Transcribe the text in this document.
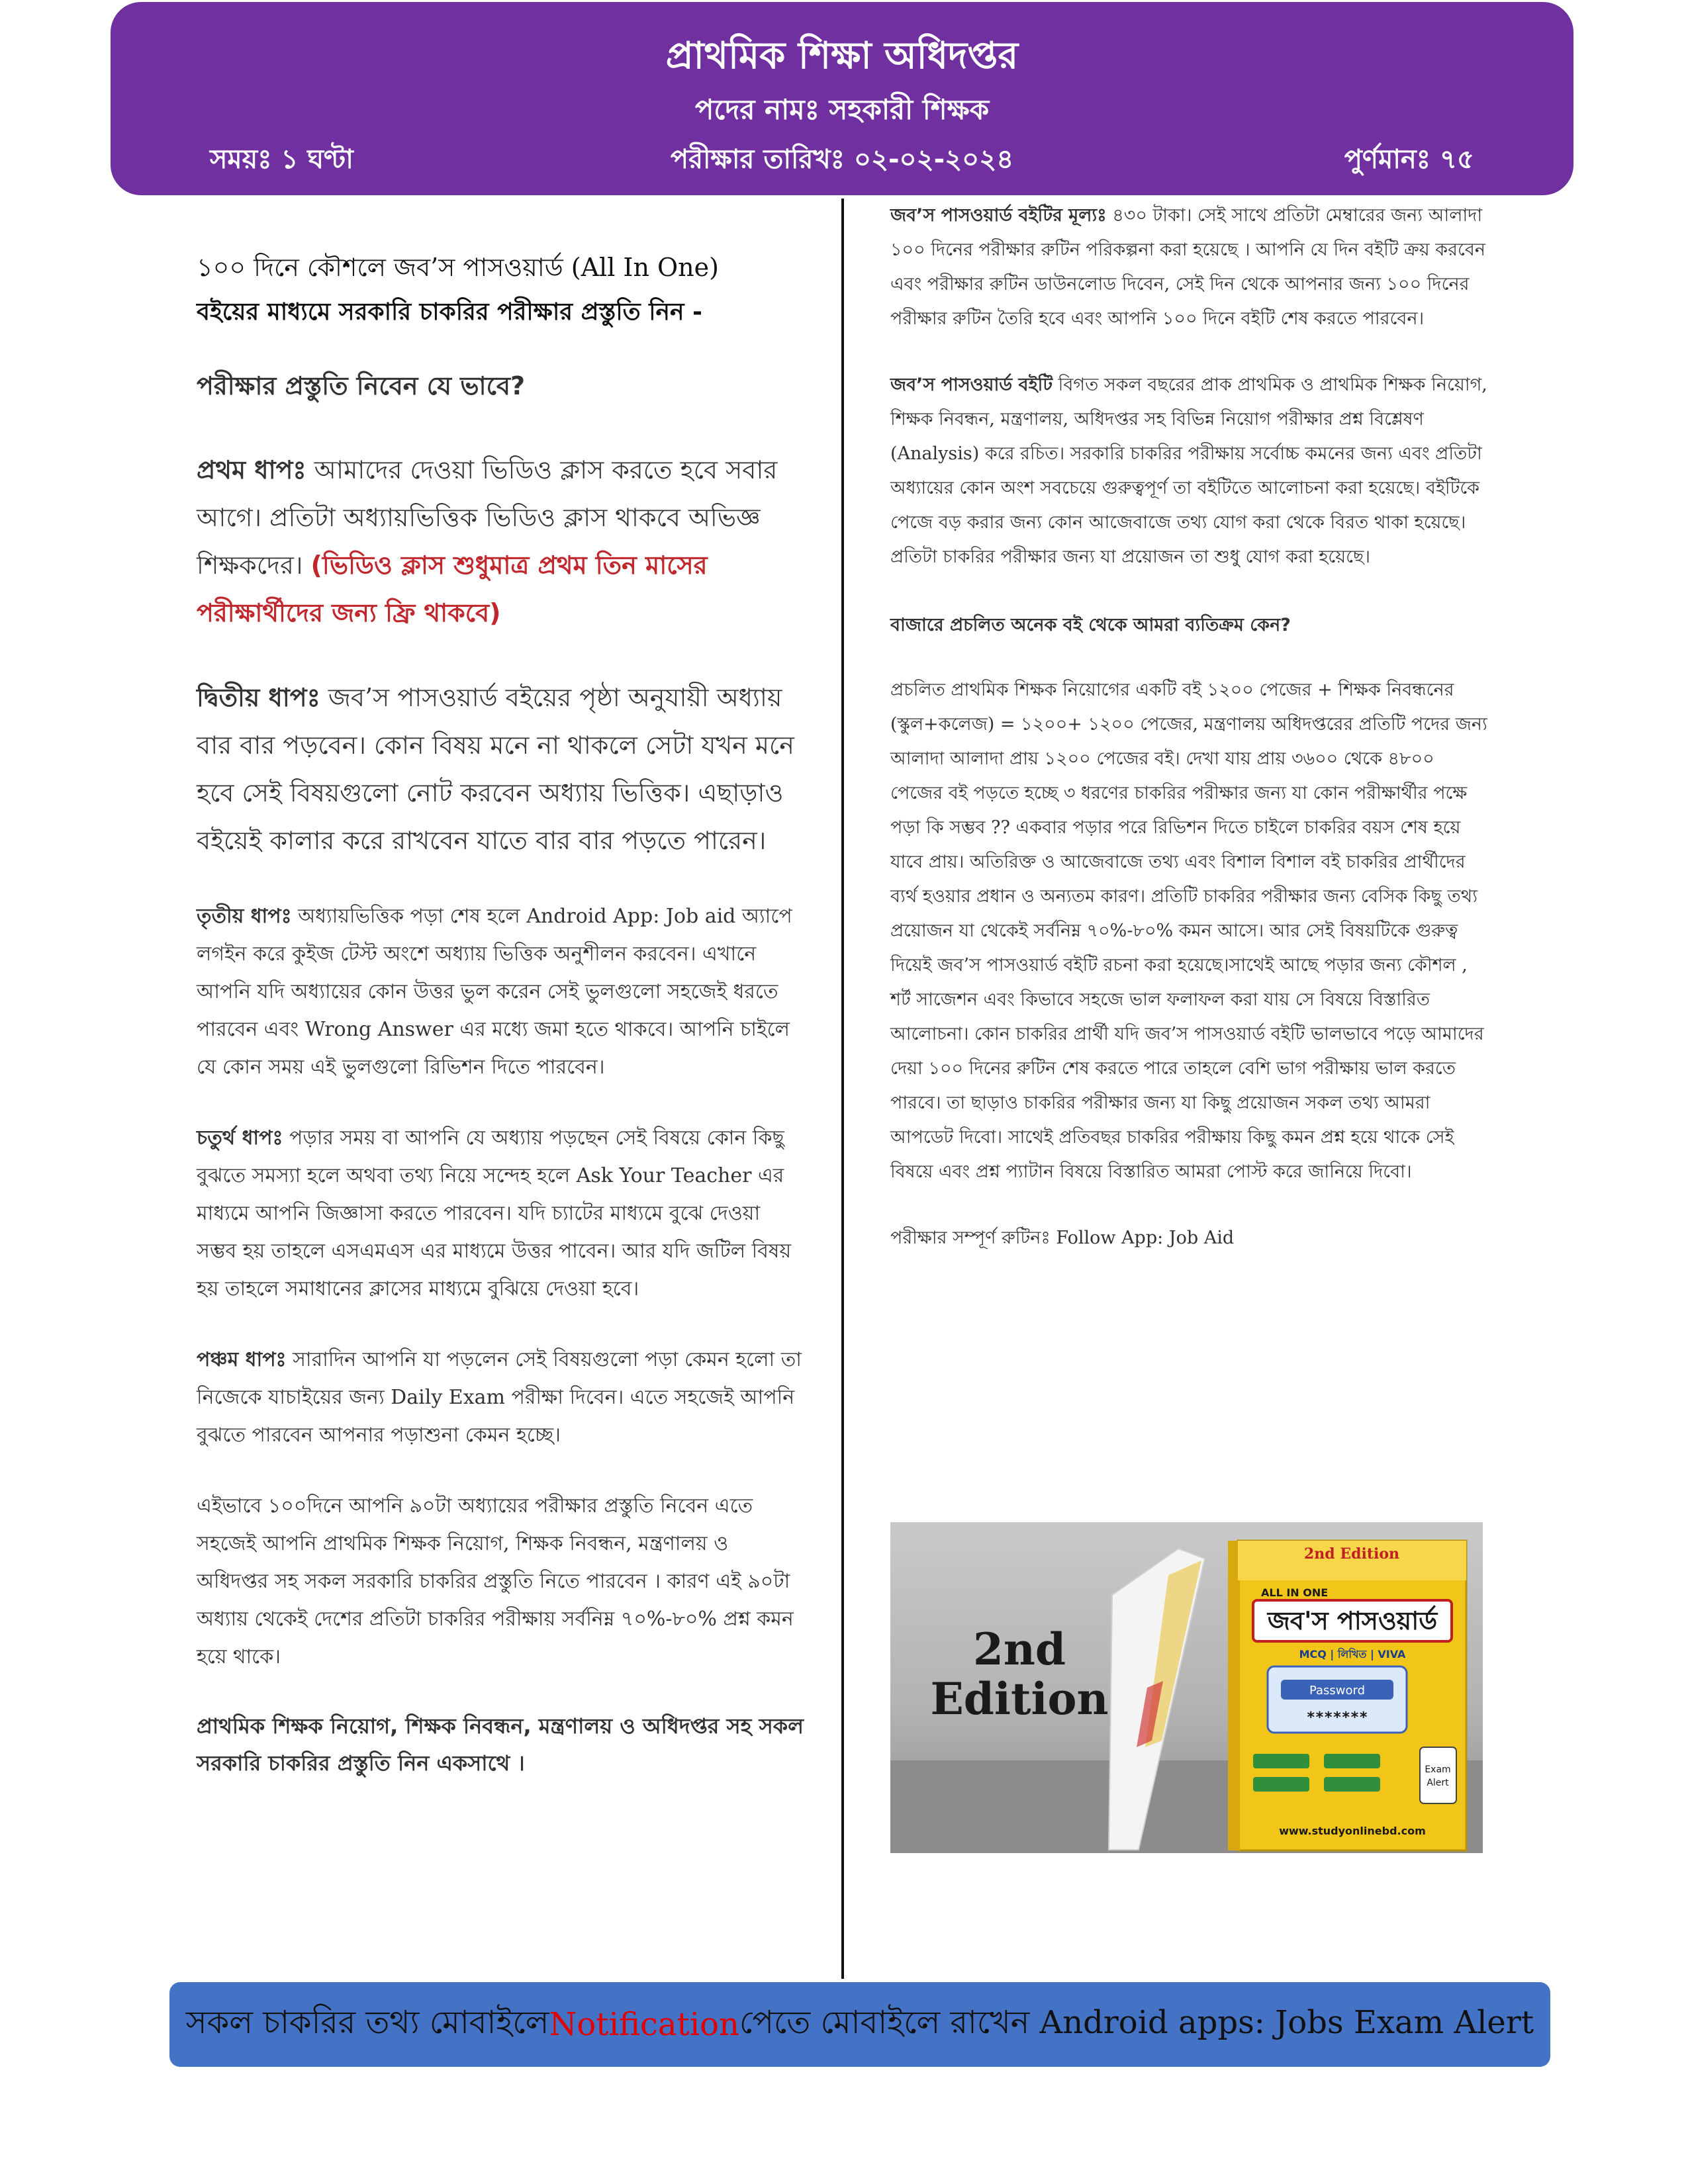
প্রাথমিক শিক্ষা অধিদপ্তর
পদের নামঃ সহকারী শিক্ষক
সময়ঃ ১ ঘণ্টা	পরীক্ষার তারিখঃ ০২-০২-২০২৪	পুর্ণমানঃ ৭৫
১০০ দিনে কৌশলে জব’স পাসওয়ার্ড (All In One)
বইয়ের মাধ্যমে সরকারি চাকরির পরীক্ষার প্রস্তুতি নিন -
পরীক্ষার প্রস্তুতি নিবেন যে ভাবে?

প্রথম ধাপঃ আমাদের দেওয়া ভিডিও ক্লাস করতে হবে সবার আগে। প্রতিটা অধ্যায়ভিত্তিক ভিডিও ক্লাস থাকবে অভিজ্ঞ শিক্ষকদের। (ভিডিও ক্লাস শুধুমাত্র প্রথম তিন মাসের পরীক্ষার্থীদের জন্য ফ্রি থাকবে)

দ্বিতীয় ধাপঃ জব’স পাসওয়ার্ড বইয়ের পৃষ্ঠা অনুযায়ী অধ্যায় বার বার পড়বেন। কোন বিষয় মনে না থাকলে সেটা যখন মনে হবে সেই বিষয়গুলো নোট করবেন অধ্যায় ভিত্তিক। এছাড়াও বইয়েই কালার করে রাখবেন যাতে বার বার পড়তে পারেন।

তৃতীয় ধাপঃ অধ্যায়ভিত্তিক পড়া শেষ হলে Android App: Job aid অ্যাপে লগইন করে কুইজ টেস্ট অংশে অধ্যায় ভিত্তিক অনুশীলন করবেন। এখানে আপনি যদি অধ্যায়ের কোন উত্তর ভুল করেন সেই ভুলগুলো সহজেই ধরতে পারবেন এবং Wrong Answer এর মধ্যে জমা হতে থাকবে। আপনি চাইলে যে কোন সময় এই ভুলগুলো রিভিশন দিতে পারবেন।

চতুর্থ ধাপঃ পড়ার সময় বা আপনি যে অধ্যায় পড়ছেন সেই বিষয়ে কোন কিছু বুঝতে সমস্যা হলে অথবা তথ্য নিয়ে সন্দেহ হলে Ask Your Teacher এর মাধ্যমে আপনি জিজ্ঞাসা করতে পারবেন। যদি চ্যাটের মাধ্যমে বুঝে দেওয়া সম্ভব হয় তাহলে এসএমএস এর মাধ্যমে উত্তর পাবেন। আর যদি জটিল বিষয় হয় তাহলে সমাধানের ক্লাসের মাধ্যমে বুঝিয়ে দেওয়া হবে।

পঞ্চম ধাপঃ সারাদিন আপনি যা পড়লেন সেই বিষয়গুলো পড়া কেমন হলো তা নিজেকে যাচাইয়ের জন্য Daily Exam পরীক্ষা দিবেন। এতে সহজেই আপনি বুঝতে পারবেন আপনার পড়াশুনা কেমন হচ্ছে।

এইভাবে ১০০দিনে আপনি ৯০টা অধ্যায়ের পরীক্ষার প্রস্তুতি নিবেন এতে সহজেই আপনি প্রাথমিক শিক্ষক নিয়োগ, শিক্ষক নিবন্ধন, মন্ত্রণালয় ও অধিদপ্তর সহ সকল সরকারি চাকরির প্রস্তুতি নিতে পারবেন । কারণ এই ৯০টা অধ্যায় থেকেই দেশের প্রতিটা চাকরির পরীক্ষায় সর্বনিম্ন ৭০%-৮০% প্রশ্ন কমন হয়ে থাকে।

প্রাথমিক শিক্ষক নিয়োগ, শিক্ষক নিবন্ধন, মন্ত্রণালয় ও অধিদপ্তর সহ সকল সরকারি চাকরির প্রস্তুতি নিন একসাথে ।

জব’স পাসওয়ার্ড বইটির মূল্যঃ ৪৩০ টাকা। সেই সাথে প্রতিটা মেম্বারের জন্য আলাদা ১০০ দিনের পরীক্ষার রুটিন পরিকল্পনা করা হয়েছে । আপনি যে দিন বইটি ক্রয় করবেন এবং পরীক্ষার রুটিন ডাউনলোড দিবেন, সেই দিন থেকে আপনার জন্য ১০০ দিনের পরীক্ষার রুটিন তৈরি হবে এবং আপনি ১০০ দিনে বইটি শেষ করতে পারবেন।

জব’স পাসওয়ার্ড বইটি বিগত সকল বছরের প্রাক প্রাথমিক ও প্রাথমিক শিক্ষক নিয়োগ, শিক্ষক নিবন্ধন, মন্ত্রণালয়, অধিদপ্তর সহ বিভিন্ন নিয়োগ পরীক্ষার প্রশ্ন বিশ্লেষণ (Analysis) করে রচিত। সরকারি চাকরির পরীক্ষায় সর্বোচ্চ কমনের জন্য এবং প্রতিটা অধ্যায়ের কোন অংশ সবচেয়ে গুরুত্বপূর্ণ তা বইটিতে আলোচনা করা হয়েছে। বইটিকে পেজে বড় করার জন্য কোন আজেবাজে তথ্য যোগ করা থেকে বিরত থাকা হয়েছে। প্রতিটা চাকরির পরীক্ষার জন্য যা প্রয়োজন তা শুধু যোগ করা হয়েছে।

বাজারে প্রচলিত অনেক বই থেকে আমরা ব্যতিক্রম কেন?

প্রচলিত প্রাথমিক শিক্ষক নিয়োগের একটি বই ১২০০ পেজের + শিক্ষক নিবন্ধনের (স্কুল+কলেজ) = ১২০০+ ১২০০ পেজের, মন্ত্রণালয় অধিদপ্তরের প্রতিটি পদের জন্য আলাদা আলাদা প্রায় ১২০০ পেজের বই। দেখা যায় প্রায় ৩৬০০ থেকে ৪৮০০ পেজের বই পড়তে হচ্ছে ৩ ধরণের চাকরির পরীক্ষার জন্য যা কোন পরীক্ষার্থীর পক্ষে পড়া কি সম্ভব ?? একবার পড়ার পরে রিভিশন দিতে চাইলে চাকরির বয়স শেষ হয়ে যাবে প্রায়। অতিরিক্ত ও আজেবাজে তথ্য এবং বিশাল বিশাল বই চাকরির প্রার্থীদের ব্যর্থ হওয়ার প্রধান ও অন্যতম কারণ। প্রতিটি চাকরির পরীক্ষার জন্য বেসিক কিছু তথ্য প্রয়োজন যা থেকেই সর্বনিম্ন ৭০%-৮০% কমন আসে। আর সেই বিষয়টিকে গুরুত্ব দিয়েই জব’স পাসওয়ার্ড বইটি রচনা করা হয়েছে।সাথেই আছে পড়ার জন্য কৌশল , শর্ট সাজেশন এবং কিভাবে সহজে ভাল ফলাফল করা যায় সে বিষয়ে বিস্তারিত আলোচনা। কোন চাকরির প্রার্থী যদি জব’স পাসওয়ার্ড বইটি ভালভাবে পড়ে আমাদের দেয়া ১০০ দিনের রুটিন শেষ করতে পারে তাহলে বেশি ভাগ পরীক্ষায় ভাল করতে পারবে। তা ছাড়াও চাকরির পরীক্ষার জন্য যা কিছু প্রয়োজন সকল তথ্য আমরা আপডেট দিবো। সাথেই প্রতিবছর চাকরির পরীক্ষায় কিছু কমন প্রশ্ন হয়ে থাকে সেই বিষয়ে এবং প্রশ্ন প্যাটান বিষয়ে বিস্তারিত আমরা পোস্ট করে জানিয়ে দিবো।

পরীক্ষার সম্পূর্ণ রুটিনঃ Follow App: Job Aid

2nd
Edition
2nd Edition
ALL IN ONE
জব'স পাসওয়ার্ড
MCQ | লিখিত | VIVA
Password
*******
Exam
Alert
www.studyonlinebd.com
সকল চাকরির তথ্য মোবাইলে Notification পেতে মোবাইলে রাখেন Android apps: Jobs Exam Alert
